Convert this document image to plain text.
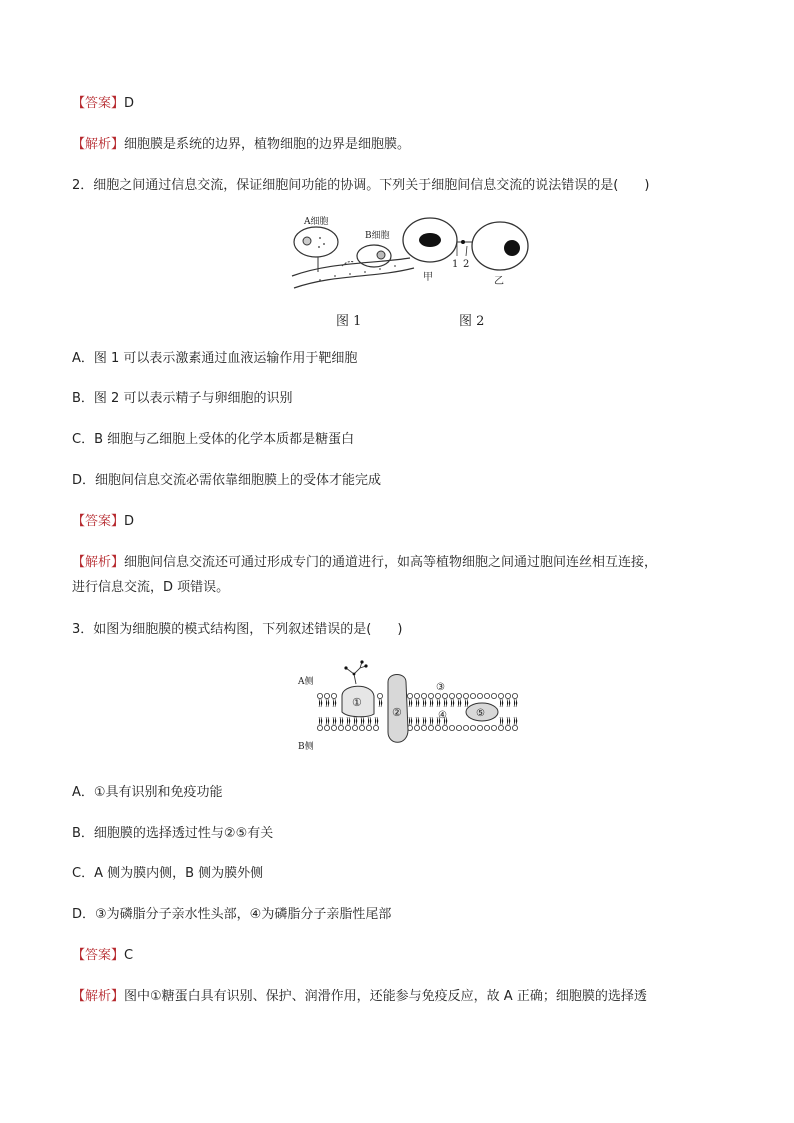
【答案】D
【解析】细胞膜是系统的边界，植物细胞的边界是细胞膜。
2．细胞之间通过信息交流，保证细胞间功能的协调。下列关于细胞间信息交流的说法错误的是(　　)
A细胞
B细胞
甲
1 2
乙
图 1	图 2
A．图 1 可以表示激素通过血液运输作用于靶细胞
B．图 2 可以表示精子与卵细胞的识别
C．B 细胞与乙细胞上受体的化学本质都是糖蛋白
D．细胞间信息交流必需依靠细胞膜上的受体才能完成
【答案】D
【解析】细胞间信息交流还可通过形成专门的通道进行，如高等植物细胞之间通过胞间连丝相互连接，
进行信息交流，D 项错误。
3．如图为细胞膜的模式结构图，下列叙述错误的是(　　)
A侧
B侧
①
②
③
④	⑤
A．①具有识别和免疫功能
B．细胞膜的选择透过性与②⑤有关
C．A 侧为膜内侧，B 侧为膜外侧
D．③为磷脂分子亲水性头部，④为磷脂分子亲脂性尾部
【答案】C
【解析】图中①糖蛋白具有识别、保护、润滑作用，还能参与免疫反应，故 A 正确；细胞膜的选择透
